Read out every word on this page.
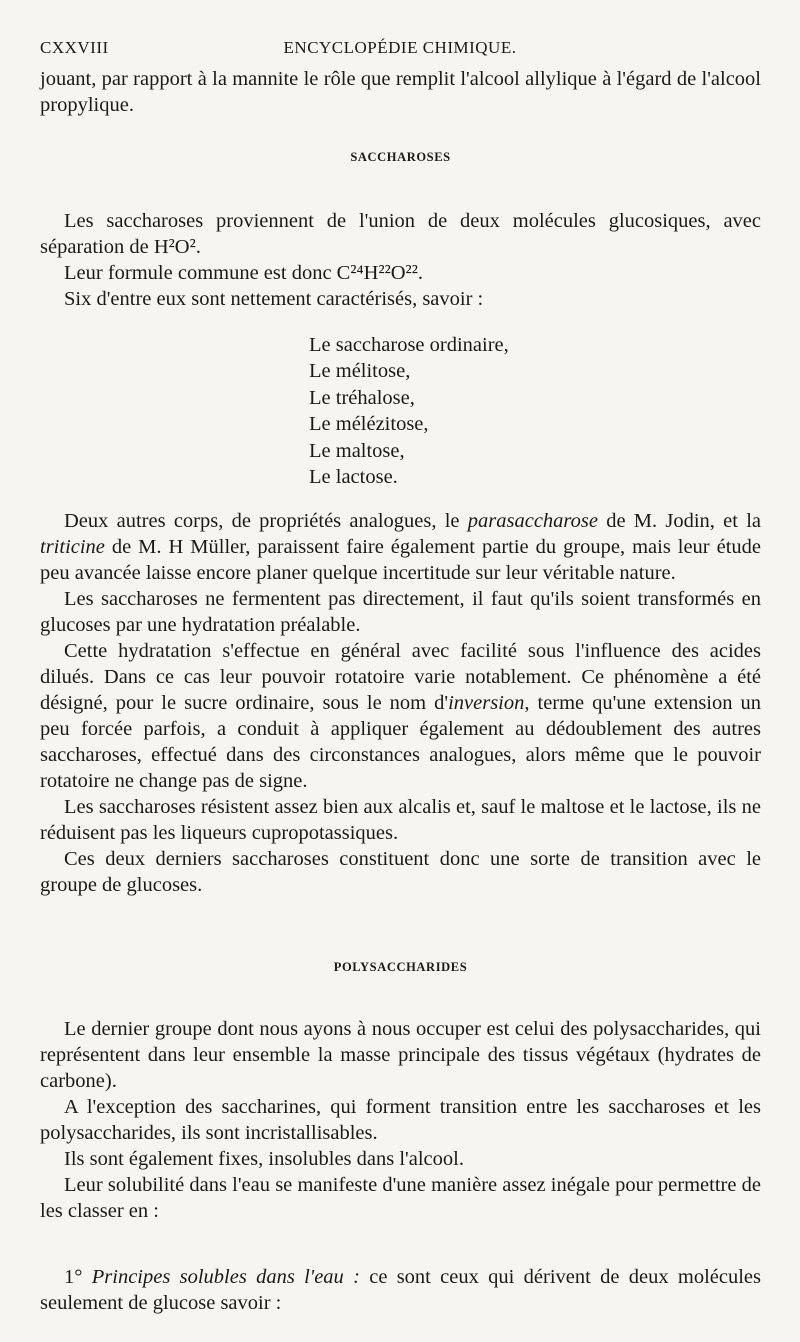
CXXVIII	ENCYCLOPÉDIE CHIMIQUE.

jouant, par rapport à la mannite le rôle que remplit l'alcool allylique à l'égard de l'alcool propylique.

SACCHAROSES

Les saccharoses proviennent de l'union de deux molécules glucosiques, avec séparation de H²O².

Leur formule commune est donc C²⁴H²²O²².

Six d'entre eux sont nettement caractérisés, savoir :

Le saccharose ordinaire,
Le mélitose,
Le tréhalose,
Le mélézitose,
Le maltose,
Le lactose.

Deux autres corps, de propriétés analogues, le parasaccharose de M. Jodin, et la triticine de M. H Müller, paraissent faire également partie du groupe, mais leur étude peu avancée laisse encore planer quelque incertitude sur leur véritable nature.

Les saccharoses ne fermentent pas directement, il faut qu'ils soient transformés en glucoses par une hydratation préalable.

Cette hydratation s'effectue en général avec facilité sous l'influence des acides dilués. Dans ce cas leur pouvoir rotatoire varie notablement. Ce phénomène a été désigné, pour le sucre ordinaire, sous le nom d'inversion, terme qu'une extension un peu forcée parfois, a conduit à appliquer également au dédoublement des autres saccharoses, effectué dans des circonstances analogues, alors même que le pouvoir rotatoire ne change pas de signe.

Les saccharoses résistent assez bien aux alcalis et, sauf le maltose et le lactose, ils ne réduisent pas les liqueurs cupropotassiques.

Ces deux derniers saccharoses constituent donc une sorte de transition avec le groupe de glucoses.

POLYSACCHARIDES

Le dernier groupe dont nous ayons à nous occuper est celui des polysaccharides, qui représentent dans leur ensemble la masse principale des tissus végétaux (hydrates de carbone).

A l'exception des saccharines, qui forment transition entre les saccharoses et les polysaccharides, ils sont incristallisables.

Ils sont également fixes, insolubles dans l'alcool.

Leur solubilité dans l'eau se manifeste d'une manière assez inégale pour permettre de les classer en :

1° Principes solubles dans l'eau : ce sont ceux qui dérivent de deux molécules seulement de glucose savoir :
